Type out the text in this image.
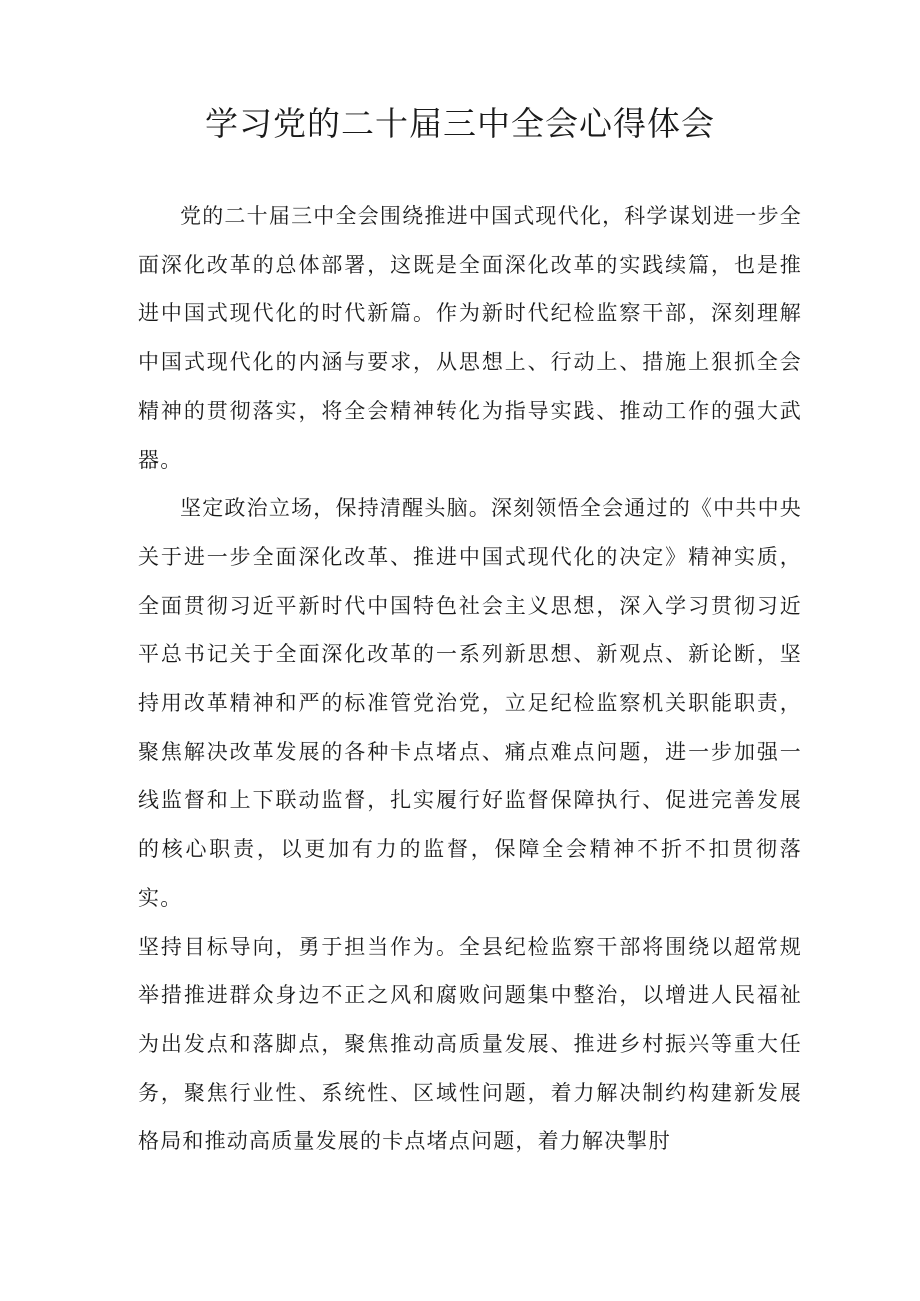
学习党的二十届三中全会心得体会

党的二十届三中全会围绕推进中国式现代化，科学谋划进一步全面深化改革的总体部署，这既是全面深化改革的实践续篇，也是推进中国式现代化的时代新篇。作为新时代纪检监察干部，深刻理解中国式现代化的内涵与要求，从思想上、行动上、措施上狠抓全会精神的贯彻落实，将全会精神转化为指导实践、推动工作的强大武器。

坚定政治立场，保持清醒头脑。深刻领悟全会通过的《中共中央关于进一步全面深化改革、推进中国式现代化的决定》精神实质，全面贯彻习近平新时代中国特色社会主义思想，深入学习贯彻习近平总书记关于全面深化改革的一系列新思想、新观点、新论断，坚持用改革精神和严的标准管党治党，立足纪检监察机关职能职责，聚焦解决改革发展的各种卡点堵点、痛点难点问题，进一步加强一线监督和上下联动监督，扎实履行好监督保障执行、促进完善发展的核心职责，以更加有力的监督，保障全会精神不折不扣贯彻落实。

坚持目标导向，勇于担当作为。全县纪检监察干部将围绕以超常规举措推进群众身边不正之风和腐败问题集中整治，以增进人民福祉为出发点和落脚点，聚焦推动高质量发展、推进乡村振兴等重大任务，聚焦行业性、系统性、区域性问题，着力解决制约构建新发展格局和推动高质量发展的卡点堵点问题，着力解决掣肘
